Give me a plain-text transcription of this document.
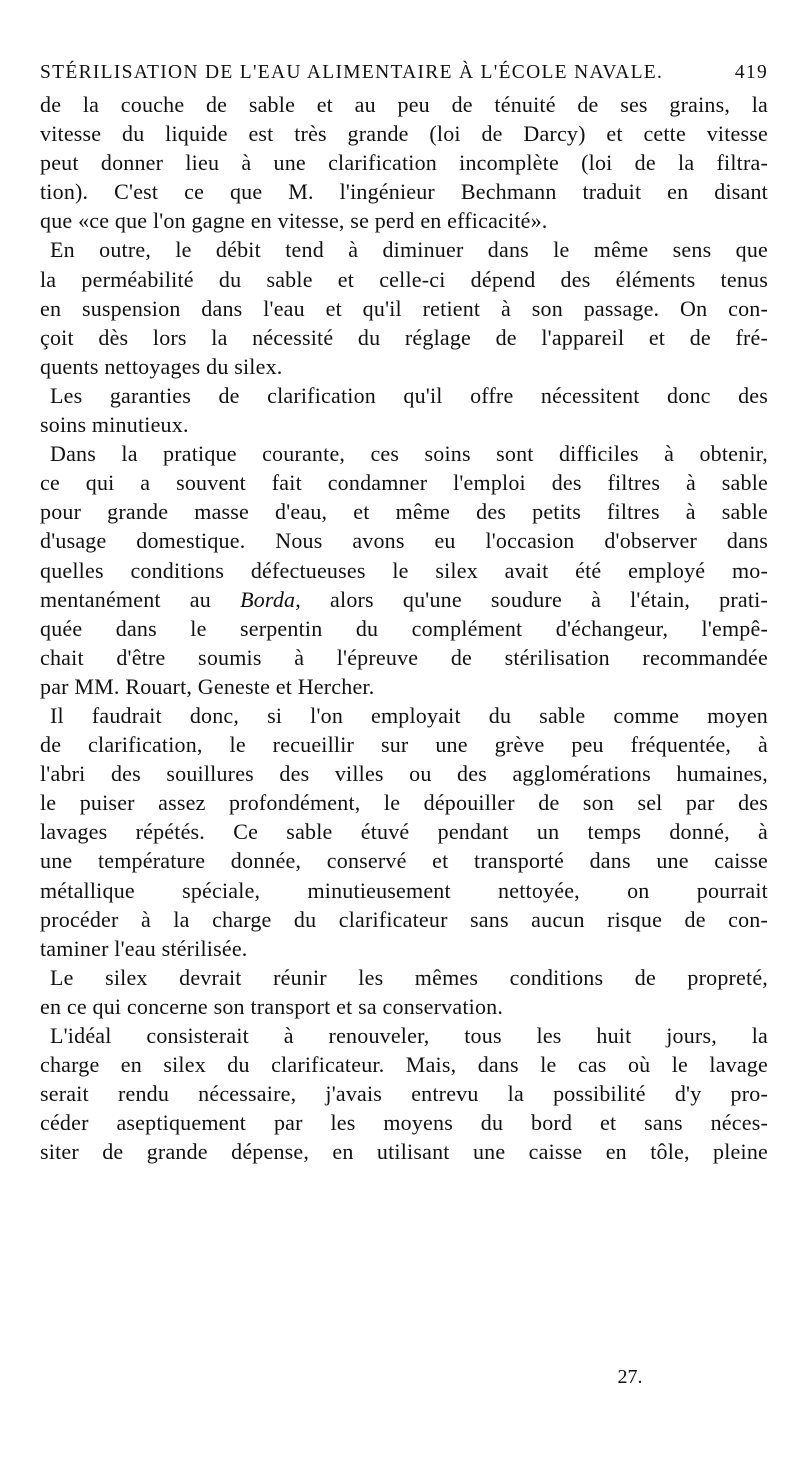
STÉRILISATION DE L'EAU ALIMENTAIRE À L'ÉCOLE NAVALE.	419
de la couche de sable et au peu de ténuité de ses grains, la
vitesse du liquide est très grande (loi de Darcy) et cette vitesse
peut donner lieu à une clarification incomplète (loi de la filtra-
tion). C'est ce que M. l'ingénieur Bechmann traduit en disant
que «ce que l'on gagne en vitesse, se perd en efficacité».
En outre, le débit tend à diminuer dans le même sens que
la perméabilité du sable et celle-ci dépend des éléments tenus
en suspension dans l'eau et qu'il retient à son passage. On con-
çoit dès lors la nécessité du réglage de l'appareil et de fré-
quents nettoyages du silex.
Les garanties de clarification qu'il offre nécessitent donc des
soins minutieux.
Dans la pratique courante, ces soins sont difficiles à obtenir,
ce qui a souvent fait condamner l'emploi des filtres à sable
pour grande masse d'eau, et même des petits filtres à sable
d'usage domestique. Nous avons eu l'occasion d'observer dans
quelles conditions défectueuses le silex avait été employé mo-
mentanément au Borda, alors qu'une soudure à l'étain, prati-
quée dans le serpentin du complément d'échangeur, l'empê-
chait d'être soumis à l'épreuve de stérilisation recommandée
par MM. Rouart, Geneste et Hercher.
Il faudrait donc, si l'on employait du sable comme moyen
de clarification, le recueillir sur une grève peu fréquentée, à
l'abri des souillures des villes ou des agglomérations humaines,
le puiser assez profondément, le dépouiller de son sel par des
lavages répétés. Ce sable étuvé pendant un temps donné, à
une température donnée, conservé et transporté dans une caisse
métallique spéciale, minutieusement nettoyée, on pourrait
procéder à la charge du clarificateur sans aucun risque de con-
taminer l'eau stérilisée.
Le silex devrait réunir les mêmes conditions de propreté,
en ce qui concerne son transport et sa conservation.
L'idéal consisterait à renouveler, tous les huit jours, la
charge en silex du clarificateur. Mais, dans le cas où le lavage
serait rendu nécessaire, j'avais entrevu la possibilité d'y pro-
céder aseptiquement par les moyens du bord et sans néces-
siter de grande dépense, en utilisant une caisse en tôle, pleine
27.
